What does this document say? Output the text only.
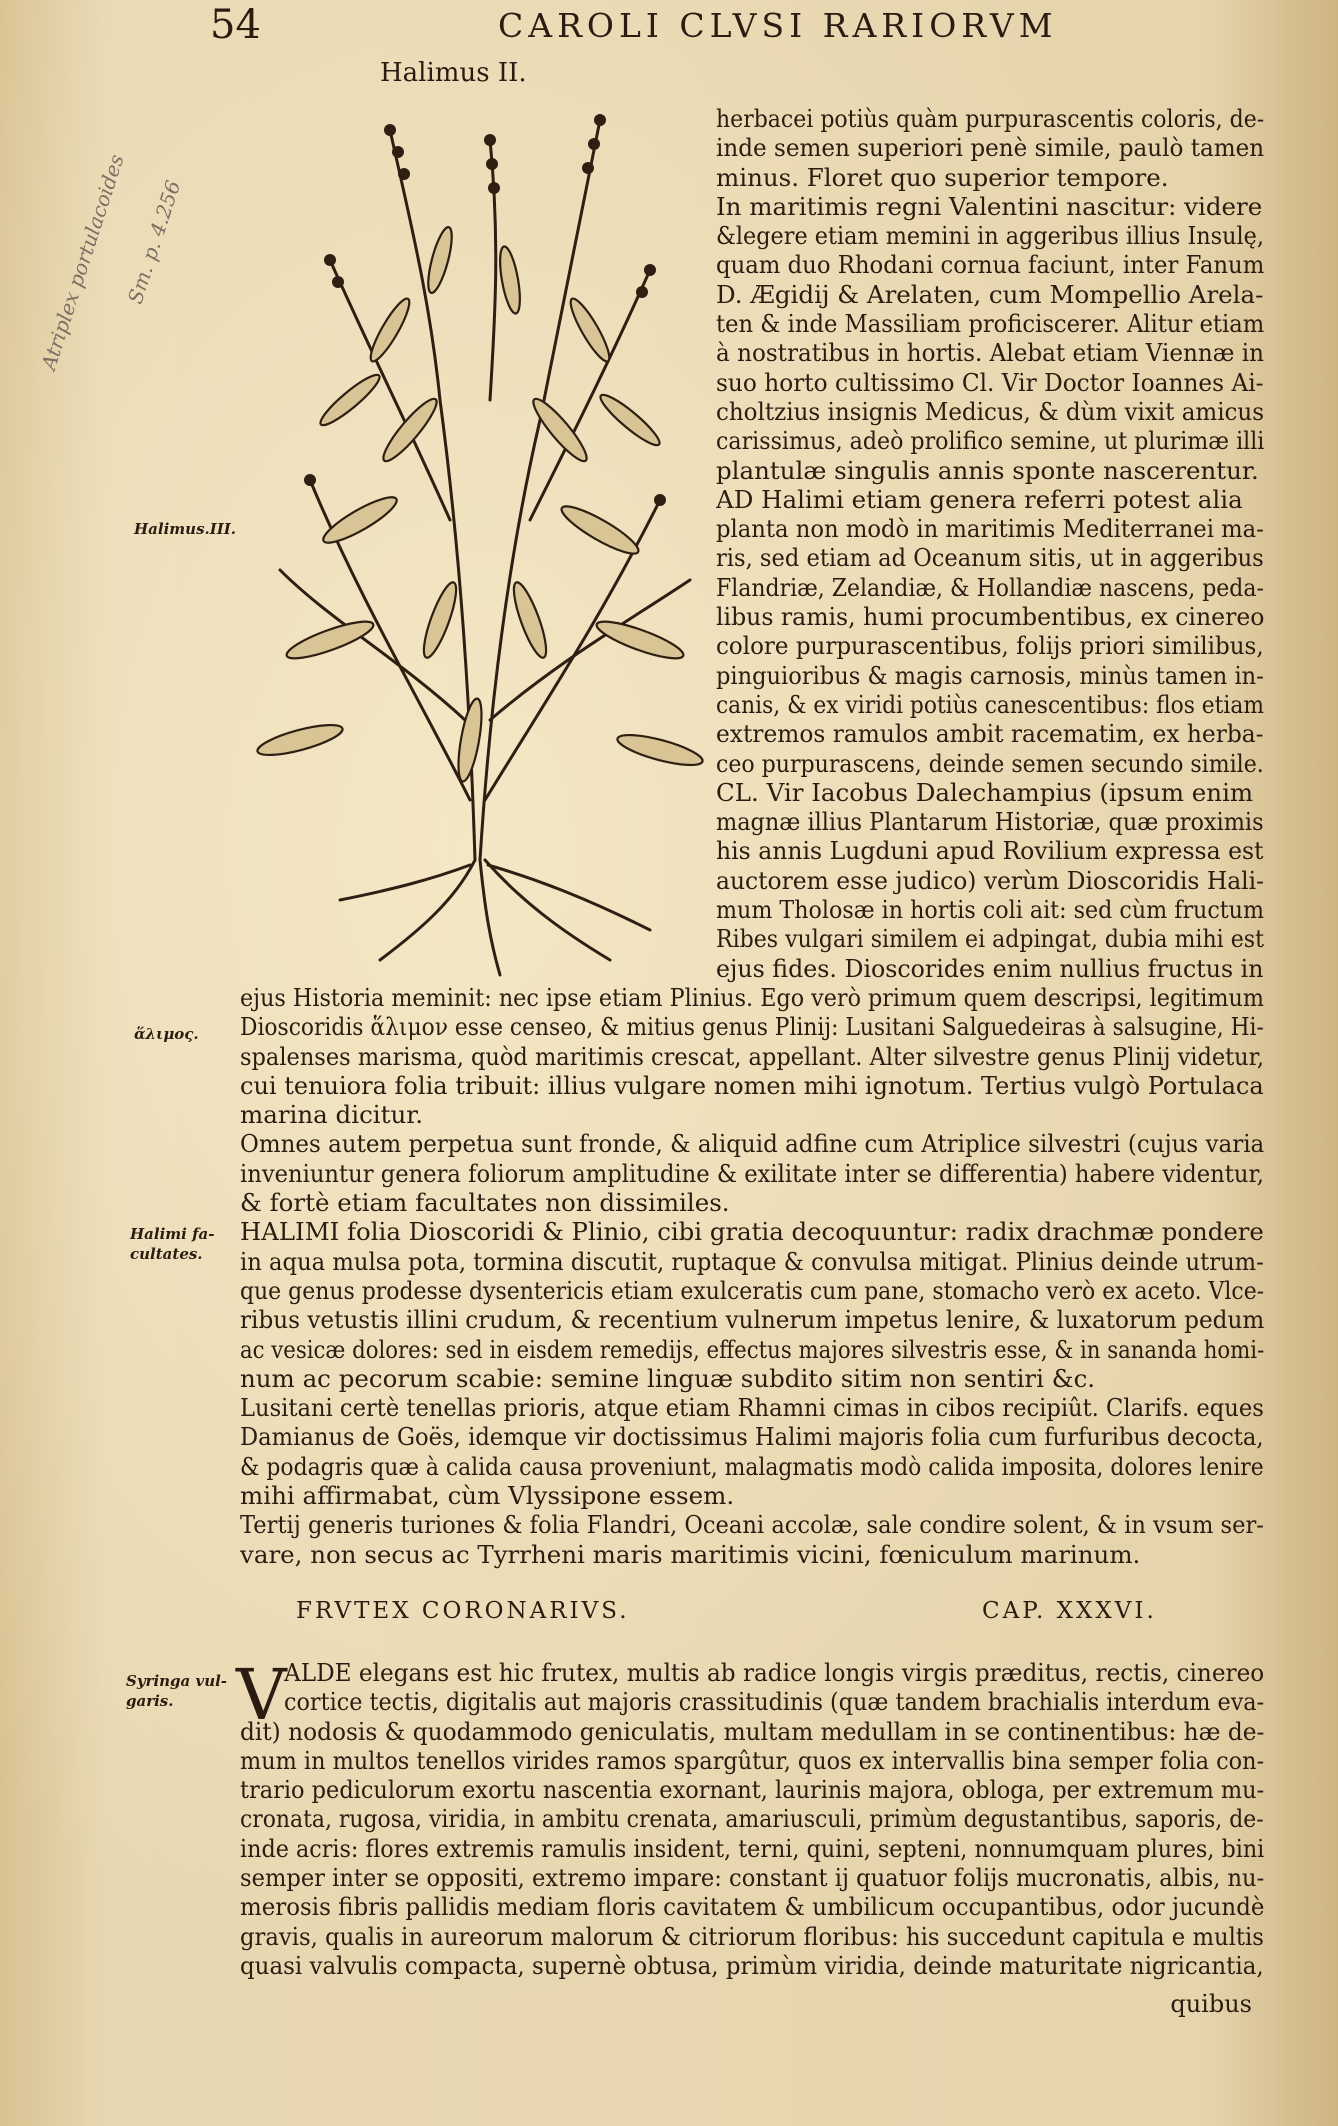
54	CAROLI CLVSI RARIORVM
Halimus II.
Atriplex portulacoides
Sm. p. 4.256
Halimus.III.
ἅλιμος.
Halimi fa-
cultates.
Syringa vul-
garis.
herbacei potiùs quàm purpurascentis coloris, de-
inde semen superiori penè simile, paulò tamen
minus. Floret quo superior tempore.
In maritimis regni Valentini nascitur: videre
&legere etiam memini in aggeribus illius Insulę,
quam duo Rhodani cornua faciunt, inter Fanum
D. Ægidij & Arelaten, cum Mompellio Arela-
ten & inde Massiliam proficiscerer. Alitur etiam
à nostratibus in hortis. Alebat etiam Viennæ in
suo horto cultissimo Cl. Vir Doctor Ioannes Ai-
choltzius insignis Medicus, & dùm vixit amicus
carissimus, adeò prolifico semine, ut plurimæ illi
plantulæ singulis annis sponte nascerentur.
AD Halimi etiam genera referri potest alia
planta non modò in maritimis Mediterranei ma-
ris, sed etiam ad Oceanum sitis, ut in aggeribus
Flandriæ, Zelandiæ, & Hollandiæ nascens, peda-
libus ramis, humi procumbentibus, ex cinereo
colore purpurascentibus, folijs priori similibus,
pinguioribus & magis carnosis, minùs tamen in-
canis, & ex viridi potiùs canescentibus: flos etiam
extremos ramulos ambit racematim, ex herba-
ceo purpurascens, deinde semen secundo simile.
CL. Vir Iacobus Dalechampius (ipsum enim
magnæ illius Plantarum Historiæ, quæ proximis
his annis Lugduni apud Rovilium expressa est
auctorem esse judico) verùm Dioscoridis Hali-
mum Tholosæ in hortis coli ait: sed cùm fructum
Ribes vulgari similem ei adpingat, dubia mihi est
ejus fides. Dioscorides enim nullius fructus in
ejus Historia meminit: nec ipse etiam Plinius. Ego verò primum quem descripsi, legitimum
Dioscoridis ἅλιμον esse censeo, & mitius genus Plinij: Lusitani Salguedeiras à salsugine, Hi-
spalenses marisma, quòd maritimis crescat, appellant. Alter silvestre genus Plinij videtur,
cui tenuiora folia tribuit: illius vulgare nomen mihi ignotum. Tertius vulgò Portulaca
marina dicitur.
Omnes autem perpetua sunt fronde, & aliquid adfine cum Atriplice silvestri (cujus varia
inveniuntur genera foliorum amplitudine & exilitate inter se differentia) habere videntur,
& fortè etiam facultates non dissimiles.
HALIMI folia Dioscoridi & Plinio, cibi gratia decoquuntur: radix drachmæ pondere
in aqua mulsa pota, tormina discutit, ruptaque & convulsa mitigat. Plinius deinde utrum-
que genus prodesse dysentericis etiam exulceratis cum pane, stomacho verò ex aceto. Vlce-
ribus vetustis illini crudum, & recentium vulnerum impetus lenire, & luxatorum pedum
ac vesicæ dolores: sed in eisdem remedijs, effectus majores silvestris esse, & in sananda homi-
num ac pecorum scabie: semine linguæ subdito sitim non sentiri &c.
Lusitani certè tenellas prioris, atque etiam Rhamni cimas in cibos recipiût. Clarifs. eques
Damianus de Goës, idemque vir doctissimus Halimi majoris folia cum furfuribus decocta,
& podagris quæ à calida causa proveniunt, malagmatis modò calida imposita, dolores lenire
mihi affirmabat, cùm Vlyssipone essem.
Tertij generis turiones & folia Flandri, Oceani accolæ, sale condire solent, & in vsum ser-
vare, non secus ac Tyrrheni maris maritimis vicini, fœniculum marinum.
FRVTEX CORONARIVS.	CAP. XXXVI.
V
ALDE elegans est hic frutex, multis ab radice longis virgis præditus, rectis, cinereo
cortice tectis, digitalis aut majoris crassitudinis (quæ tandem brachialis interdum eva-
dit) nodosis & quodammodo geniculatis, multam medullam in se continentibus: hæ de-
mum in multos tenellos virides ramos spargûtur, quos ex intervallis bina semper folia con-
trario pediculorum exortu nascentia exornant, laurinis majora, obloga, per extremum mu-
cronata, rugosa, viridia, in ambitu crenata, amariusculi, primùm degustantibus, saporis, de-
inde acris: flores extremis ramulis insident, terni, quini, septeni, nonnumquam plures, bini
semper inter se oppositi, extremo impare: constant ij quatuor folijs mucronatis, albis, nu-
merosis fibris pallidis mediam floris cavitatem & umbilicum occupantibus, odor jucundè
gravis, qualis in aureorum malorum & citriorum floribus: his succedunt capitula e multis
quasi valvulis compacta, supernè obtusa, primùm viridia, deinde maturitate nigricantia,
quibus
